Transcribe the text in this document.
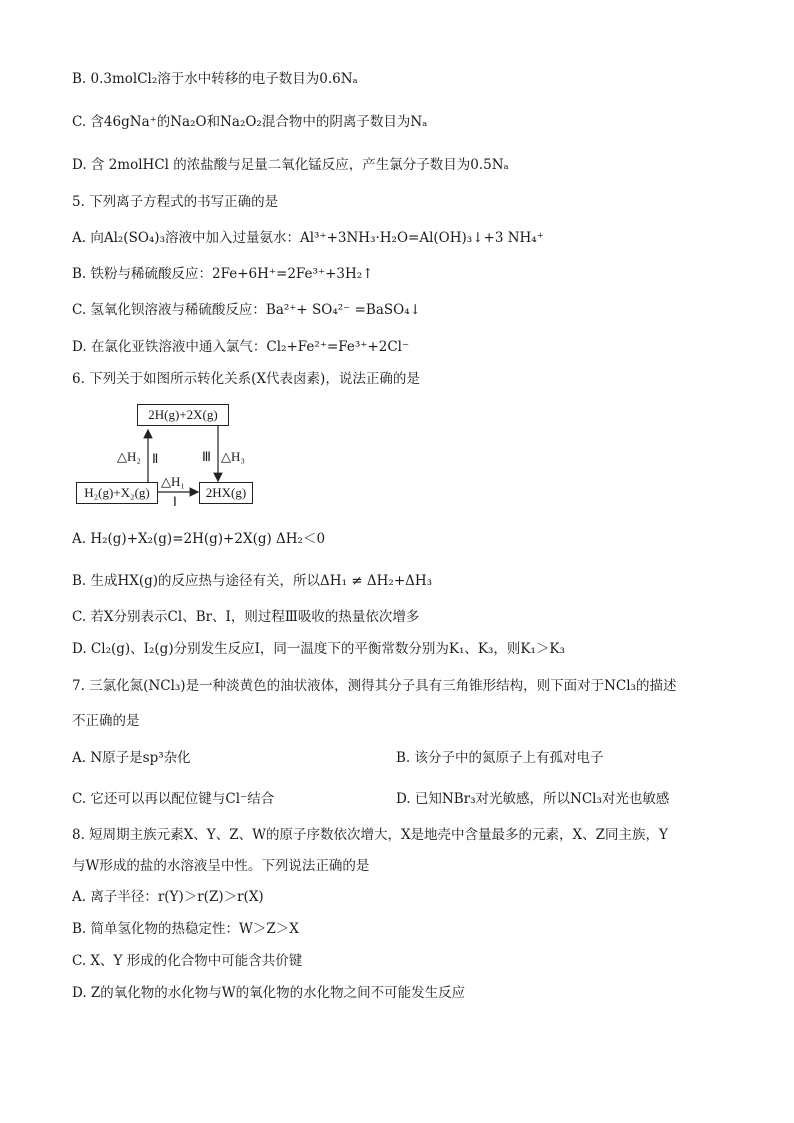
B. 0.3molCl₂溶于水中转移的电子数目为0.6Nₐ
C. 含46gNa⁺的Na₂O和Na₂O₂混合物中的阴离子数目为Nₐ
D. 含 2molHCl 的浓盐酸与足量二氧化锰反应，产生氯分子数目为0.5Nₐ
5. 下列离子方程式的书写正确的是
A. 向Al₂(SO₄)₃溶液中加入过量氨水：Al³⁺+3NH₃·H₂O=Al(OH)₃↓+3 NH₄⁺
B. 铁粉与稀硫酸反应：2Fe+6H⁺=2Fe³⁺+3H₂↑
C. 氢氧化钡溶液与稀硫酸反应：Ba²⁺+ SO₄²⁻ =BaSO₄↓
D. 在氯化亚铁溶液中通入氯气：Cl₂+Fe²⁺=Fe³⁺+2Cl⁻
6. 下列关于如图所示转化关系(X代表卤素)，说法正确的是
2H(g)+2X(g)
H₂(g)+X₂(g)	2HX(g)
△H₂ Ⅱ	Ⅲ △H₃
△H₁
Ⅰ
A. H₂(g)+X₂(g)=2H(g)+2X(g) ΔH₂＜0
B. 生成HX(g)的反应热与途径有关，所以ΔH₁ ≠ ΔH₂+ΔH₃
C. 若X分别表示Cl、Br、I，则过程Ⅲ吸收的热量依次增多
D. Cl₂(g)、I₂(g)分别发生反应Ⅰ，同一温度下的平衡常数分别为K₁、K₃，则K₁＞K₃
7. 三氯化氮(NCl₃)是一种淡黄色的油状液体，测得其分子具有三角锥形结构，则下面对于NCl₃的描述
不正确的是
A. N原子是sp³杂化	B. 该分子中的氮原子上有孤对电子
C. 它还可以再以配位键与Cl⁻结合	D. 已知NBr₃对光敏感，所以NCl₃对光也敏感
8. 短周期主族元素X、Y、Z、W的原子序数依次增大，X是地壳中含量最多的元素，X、Z同主族，Y
与W形成的盐的水溶液呈中性。下列说法正确的是
A. 离子半径：r(Y)＞r(Z)＞r(X)
B. 简单氢化物的热稳定性：W＞Z＞X
C. X、Y 形成的化合物中可能含共价键
D. Z的氧化物的水化物与W的氧化物的水化物之间不可能发生反应
